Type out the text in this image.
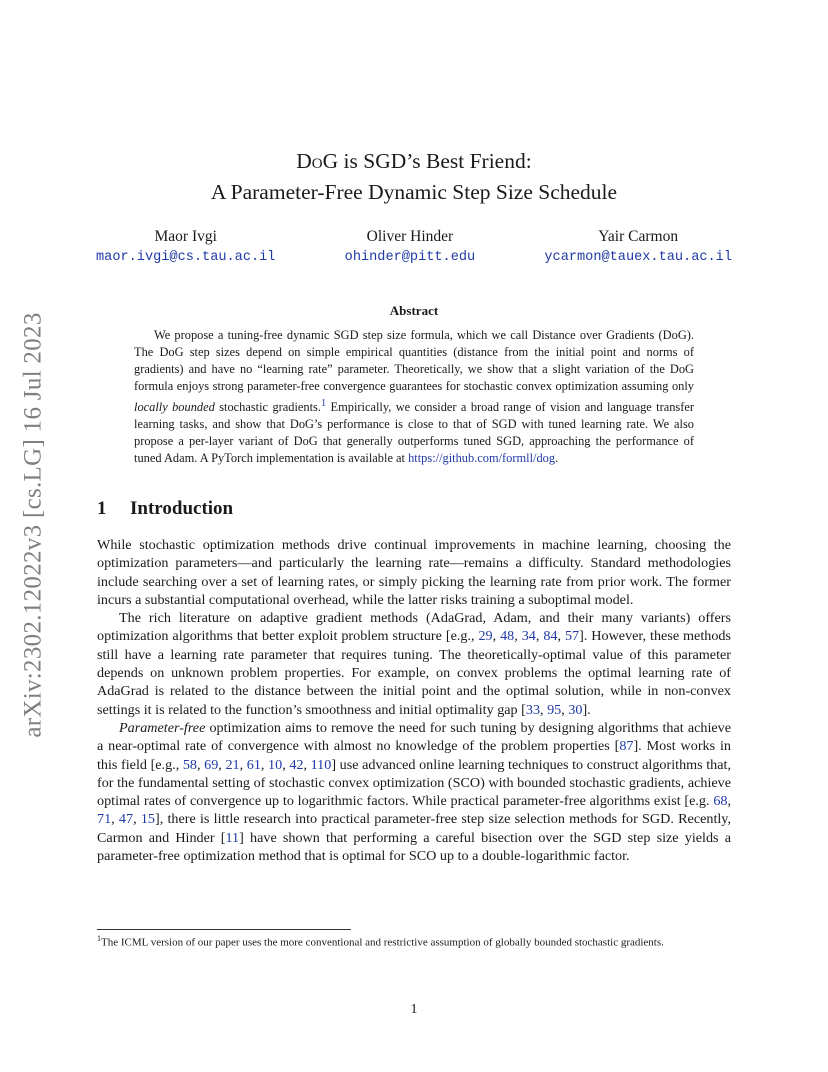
arXiv:2302.12022v3 [cs.LG] 16 Jul 2023
DoG is SGD’s Best Friend:
A Parameter-Free Dynamic Step Size Schedule
Maor Ivgi
maor.ivgi@cs.tau.ac.il
Oliver Hinder
ohinder@pitt.edu
Yair Carmon
ycarmon@tauex.tau.ac.il
Abstract
We propose a tuning-free dynamic SGD step size formula, which we call Distance over Gradients (DoG). The DoG step sizes depend on simple empirical quantities (distance from the initial point and norms of gradients) and have no “learning rate” parameter. Theoretically, we show that a slight variation of the DoG formula enjoys strong parameter-free convergence guarantees for stochastic convex optimization assuming only locally bounded stochastic gradients.$^1$ Empirically, we consider a broad range of vision and language transfer learning tasks, and show that DoG’s performance is close to that of SGD with tuned learning rate. We also propose a per-layer variant of DoG that generally outperforms tuned SGD, approaching the performance of tuned Adam. A PyTorch implementation is available at https://github.com/formll/dog.
1 Introduction

While stochastic optimization methods drive continual improvements in machine learning, choosing the optimization parameters—and particularly the learning rate—remains a difficulty. Standard methodologies include searching over a set of learning rates, or simply picking the learning rate from prior work. The former incurs a substantial computational overhead, while the latter risks training a suboptimal model.

The rich literature on adaptive gradient methods (AdaGrad, Adam, and their many variants) offers optimization algorithms that better exploit problem structure [e.g., 29, 48, 34, 84, 57]. However, these methods still have a learning rate parameter that requires tuning. The theoretically-optimal value of this parameter depends on unknown problem properties. For example, on convex problems the optimal learning rate of AdaGrad is related to the distance between the initial point and the optimal solution, while in non-convex settings it is related to the function’s smoothness and initial optimality gap [33, 95, 30].

Parameter-free optimization aims to remove the need for such tuning by designing algorithms that achieve a near-optimal rate of convergence with almost no knowledge of the problem properties [87]. Most works in this field [e.g., 58, 69, 21, 61, 10, 42, 110] use advanced online learning techniques to construct algorithms that, for the fundamental setting of stochastic convex optimization (SCO) with bounded stochastic gradients, achieve optimal rates of convergence up to logarithmic factors. While practical parameter-free algorithms exist [e.g. 68, 71, 47, 15], there is little research into practical parameter-free step size selection methods for SGD. Recently, Carmon and Hinder [11] have shown that performing a careful bisection over the SGD step size yields a parameter-free optimization method that is optimal for SCO up to a double-logarithmic factor.

$^1$The ICML version of our paper uses the more conventional and restrictive assumption of globally bounded stochastic gradients.
1
